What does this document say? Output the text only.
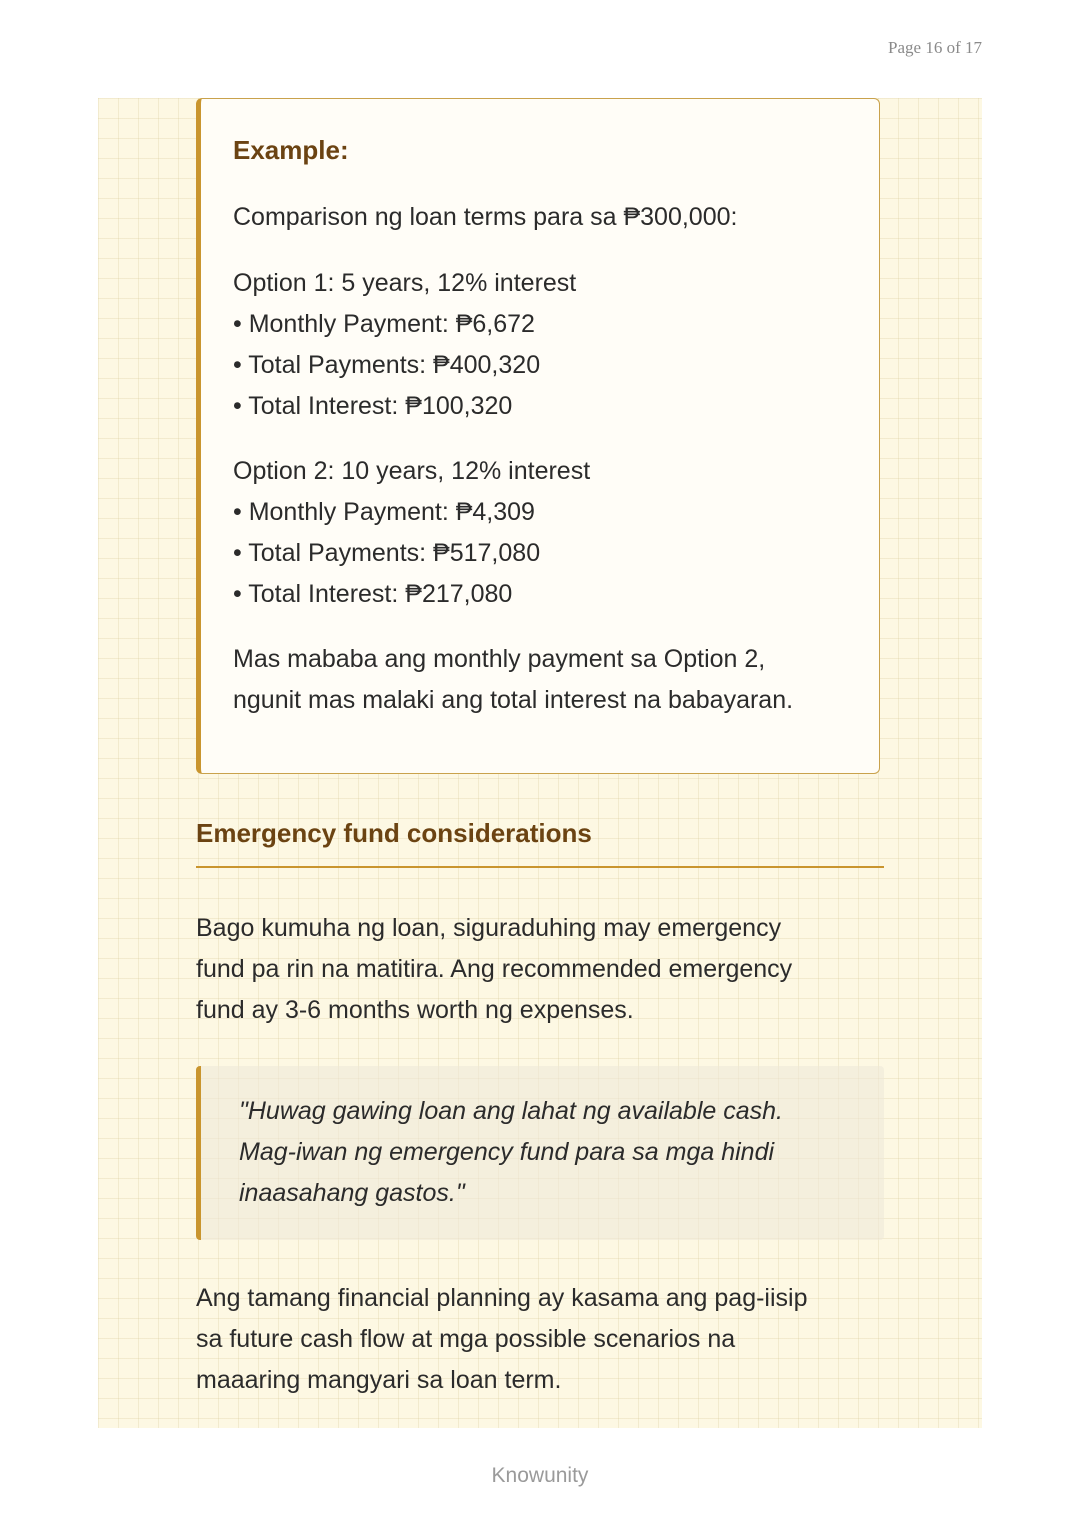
Page 16 of 17
Example:

Comparison ng loan terms para sa ₱300,000:

Option 1: 5 years, 12% interest
• Monthly Payment: ₱6,672
• Total Payments: ₱400,320
• Total Interest: ₱100,320

Option 2: 10 years, 12% interest
• Monthly Payment: ₱4,309
• Total Payments: ₱517,080
• Total Interest: ₱217,080

Mas mababa ang monthly payment sa Option 2,
ngunit mas malaki ang total interest na babayaran.

Emergency fund considerations

Bago kumuha ng loan, siguraduhing may emergency
fund pa rin na matitira. Ang recommended emergency
fund ay 3-6 months worth ng expenses.

"Huwag gawing loan ang lahat ng available cash.
Mag-iwan ng emergency fund para sa mga hindi
inaasahang gastos."

Ang tamang financial planning ay kasama ang pag-iisip
sa future cash flow at mga possible scenarios na
maaaring mangyari sa loan term.

Knowunity
